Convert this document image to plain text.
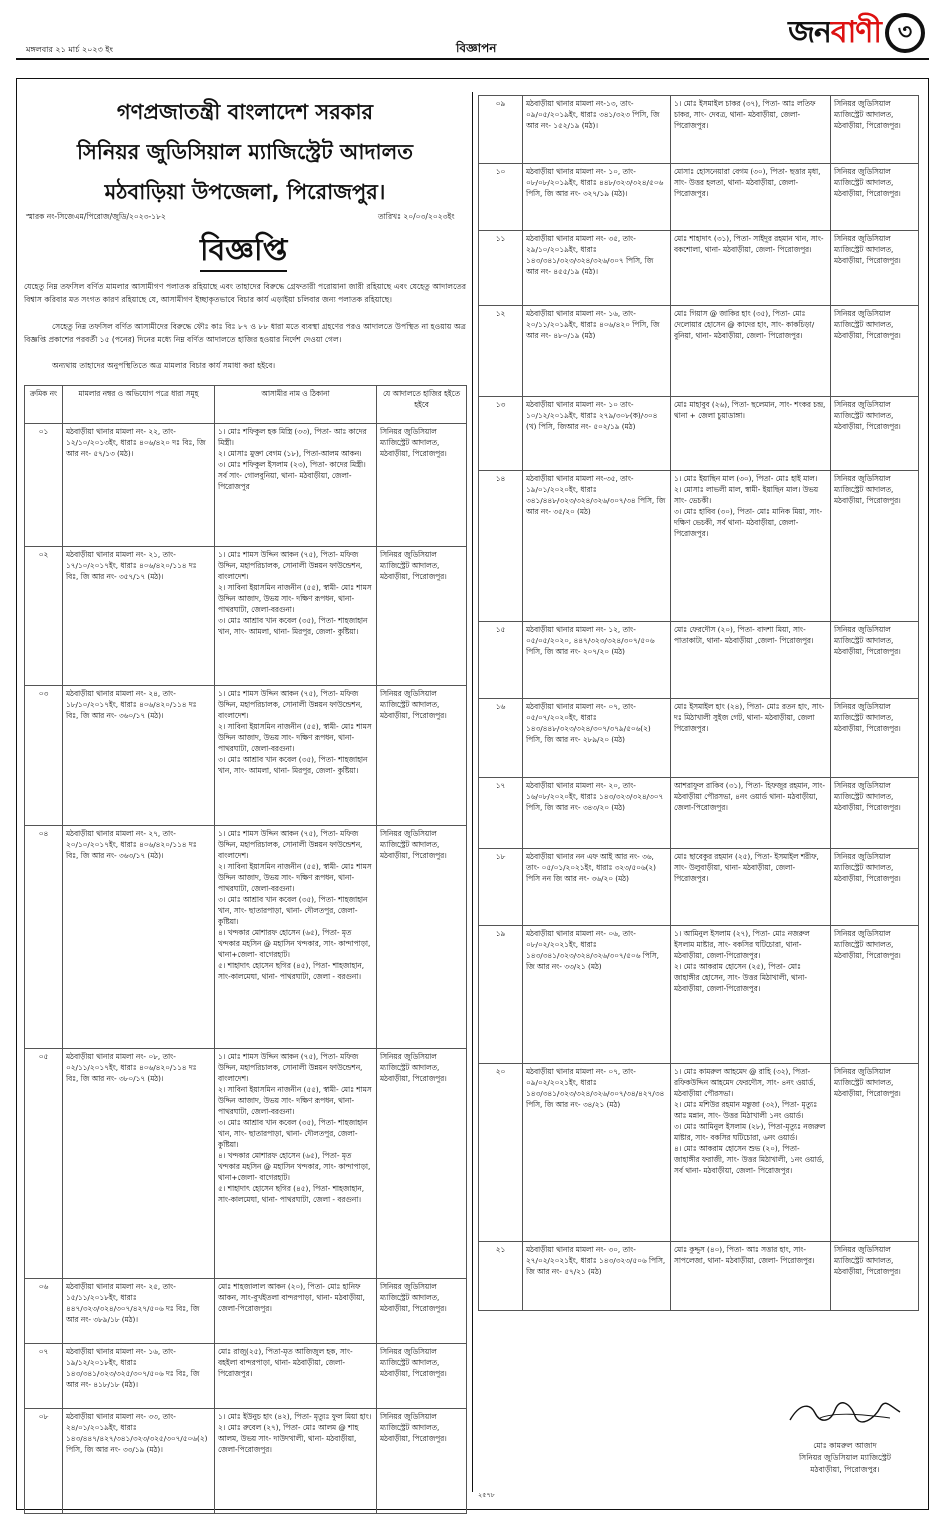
মঙ্গলবার ২১ মার্চ ২০২৩ ইং	বিজ্ঞাপন	জন বাণী ৩
গণপ্রজাতন্ত্রী বাংলাদেশ সরকার
সিনিয়র জুডিসিয়াল ম্যাজিস্ট্রেট আদালত
মঠবাড়িয়া উপজেলা, পিরোজপুর।
স্মারক নং-সিজেএম/পিরোজ/জুডি/২০২৩-১৮২	তারিখঃ ২০/০৩/২০২৩ইং
বিজ্ঞপ্তি
যেহেতু নিম্ন তফসিল বর্ণিত মামলার আসামীগণ পলাতক রহিয়াছে এবং তাহাদের বিরুদ্ধে গ্রেফতারী পরোয়ানা জারী রহিয়াছে এবং যেহেতু আদালতের বিশ্বাস করিবার মত সংগত কারণ রহিয়াছে যে, আসামীগণ ইচ্ছাকৃতভাবে বিচার কার্য এড়াইয়া চলিবার জন্য পলাতক রহিয়াছে।
সেহেতু নিম্ন তফসিল বর্ণিত আসামীদের বিরুদ্ধে ফৌঃ কাঃ বিঃ ৮৭ ও ৮৮ ধারা মতে ব্যবস্থা গ্রহণের পরও আদালতে উপস্থিত না হওয়ায় অত্র বিজ্ঞপ্তি প্রকাশের পরবর্তী ১৫ (পনের) দিনের মধ্যে নিম্ন বর্ণিত আদালতে হাজির হওয়ার নির্দেশ দেওয়া গেল।
অন্যথায় তাহাদের অনুপস্থিতিতে অত্র মামলার বিচার কার্য সমাধা করা হইবে।
ক্রমিক নং	মামলার নম্বর ও অভিযোগ পত্রে ধারা সমূহ	আসামীর নাম ও ঠিকানা	যে আদালতে হাজির হইতে হইবে
০১	মঠবাড়ীয়া থানার মামলা নং- ২২, তাং- ১২/১০/২০১৩ইং, ধারাঃ ৪০৬/৪২০ দঃ বিঃ, জি আর নং- ৫৭/১৩ (মঠ)।	১। মোঃ শফিকুল হক মিস্ত্রি (৩৩), পিতা- আঃ কাদের মিস্ত্রী।
২। মোসাঃ মুক্তা বেগম (১৮), পিতা-আলম আকন।
৩। মোঃ শফিকুল ইসলাম (২৩), পিতা- কাদের মিস্ত্রী।
সর্ব সাং- গোলবুনিয়া, থানা- মঠবাড়ীয়া, জেলা- পিরোজপুর	সিনিয়র জুডিসিয়াল ম্যাজিস্ট্রেট আদালত, মঠবাড়ীয়া, পিরোজপুর।
০২	মঠবাড়ীয়া থানার মামলা নং- ২১, তাং- ১৭/১০/২০১৭ইং, ধারাঃ ৪০৬/৪২০/১১৪ দঃ বিঃ, জি আর নং- ৩৫৭/১৭ (মঠ)।	১। মোঃ শামস উদ্দিন আকন (৭৫), পিতা- মফিজ উদ্দিন, মহাপরিচালক, সোনালী উন্নয়ন ফাউন্ডেশন, বাংলাদেশ।
২। সাবিনা ইয়াসমিন নাজনীন (৫৫), স্বামী- মোঃ শামস উদ্দিন আজাদ, উভয় সাং- দক্ষিণ রূপধন, থানা- পাথরঘাটা, জেলা-বরগুনা।
৩। মোঃ আশ্রাব খান কবেল (৩৫), পিতা- শাহজাহান খান, সাং- আমলা, থানা- মিরপুর, জেলা- কুষ্টিয়া।	সিনিয়র জুডিসিয়াল ম্যাজিস্ট্রেট আদালত, মঠবাড়ীয়া, পিরোজপুর।
০৩	মঠবাড়ীয়া থানার মামলা নং- ২৪, তাং- ১৮/১০/২০১৭ইং, ধারাঃ ৪০৬/৪২০/১১৪ দঃ বিঃ, জি আর নং- ৩৬০/১৭ (মঠ)।	১। মোঃ শামস উদ্দিন আকন (৭৫), পিতা- মফিজ উদ্দিন, মহাপরিচালক, সোনালী উন্নয়ন ফাউন্ডেশন, বাংলাদেশ।
২। সাবিনা ইয়াসমিন নাজনীন (৫৫), স্বামী- মোঃ শামস উদ্দিন আজাদ, উভয় সাং- দক্ষিণ রূপধন, থানা- পাথরঘাটা, জেলা-বরগুনা।
৩। মোঃ আশ্রাব খান কবেল (৩৫), পিতা- শাহজাহান খান, সাং- আমলা, থানা- মিরপুর, জেলা- কুষ্টিয়া।	সিনিয়র জুডিসিয়াল ম্যাজিস্ট্রেট আদালত, মঠবাড়ীয়া, পিরোজপুর।
০৪	মঠবাড়ীয়া থানার মামলা নং- ২৭, তাং- ২০/১০/২০১৭ইং, ধারাঃ ৪০৬/৪২০/১১৪ দঃ বিঃ, জি আর নং- ৩৬৩/১৭ (মঠ)।	১। মোঃ শামস উদ্দিন আকন (৭৫), পিতা- মফিজ উদ্দিন, মহাপরিচালক, সোনালী উন্নয়ন ফাউন্ডেশন, বাংলাদেশ।
২। সাবিনা ইয়াসমিন নাজনীন (৫৫), স্বামী- মোঃ শামস উদ্দিন আজাদ, উভয় সাং- দক্ষিণ রূপধন, থানা- পাথরঘাটা, জেলা-বরগুনা।
৩। মোঃ আশ্রাব খান কবেল (৩৫), পিতা- শাহজাহান খান, সাং- ছাতারপাড়া, থানা- দৌলতপুর, জেলা- কুষ্টিয়া।
৪। খন্দকার মোশারফ হোসেন (৬৫), পিতা- মৃত খন্দকার মহসিন @ মহাসিন খন্দকার, সাং- কান্দাপাড়া, থানা+জেলা- বাগেরহাট।
৫। শাহাদাৎ হোসেন ছগির (৪৫), পিতা- শাহজাহান, সাং-কালমেঘা, থানা- পাথরঘাটা, জেলা - বরগুনা।	সিনিয়র জুডিসিয়াল ম্যাজিস্ট্রেট আদালত, মঠবাড়ীয়া, পিরোজপুর।
০৫	মঠবাড়ীয়া থানার মামলা নং- ০৮, তাং- ০২/১১/২০১৭ইং, ধারাঃ ৪০৬/৪২০/১১৪ দঃ বিঃ, জি আর নং- ৩৮০/১৭ (মঠ)।	১। মোঃ শামস উদ্দিন আকন (৭৫), পিতা- মফিজ উদ্দিন, মহাপরিচালক, সোনালী উন্নয়ন ফাউন্ডেশন, বাংলাদেশ।
২। সাবিনা ইয়াসমিন নাজনীন (৫৫), স্বামী- মোঃ শামস উদ্দিন আজাদ, উভয় সাং- দক্ষিণ রূপধন, থানা- পাথরঘাটা, জেলা-বরগুনা।
৩। মোঃ আশ্রাব খান কবেল (৩৫), পিতা- শাহজাহান খান, সাং- ছাতারপাড়া, থানা- দৌলতপুর, জেলা- কুষ্টিয়া।
৪। খন্দকার মোশারফ হোসেন (৬৫), পিতা- মৃত খন্দকার মহসিন @ মহাসিন খন্দকার, সাং- কান্দাপাড়া, থানা+জেলা- বাগেরহাট।
৫। শাহাদাৎ হোসেন ছগির (৪৫), পিতা- শাহজাহান, সাং-কালমেঘা, থানা- পাথরঘাটা, জেলা - বরগুনা।	সিনিয়র জুডিসিয়াল ম্যাজিস্ট্রেট আদালত, মঠবাড়ীয়া, পিরোজপুর।
০৬	মঠবাড়ীয়া থানার মামলা নং- ২৫, তাং- ১৫/১১/২০১৮ইং, ধারাঃ ৪৪৭/৩২৩/৩২৪/৩০৭/৪২৭/৫০৬ দঃ বিঃ, জি আর নং- ৩৮৯/১৮ (মঠ)।	মোঃ শাহজালাল আকন (২০), পিতা- মোঃ হানিফ আকন, সাং-বুখইতলা বান্দরপাড়া, থানা- মঠবাড়ীয়া, জেলা-পিরোজপুর।	সিনিয়র জুডিসিয়াল ম্যাজিস্ট্রেট আদালত, মঠবাড়ীয়া, পিরোজপুর।
০৭	মঠবাড়ীয়া থানার মামলা নং- ১৬, তাং- ১৯/১২/২০১৮ইং, ধারাঃ ১৪৩/৩৪১/৩২৩/৩২৫/৩০৭/৫০৬ দঃ বিঃ, জি আর নং- ৪১৮/১৮ (মঠ)।	মোঃ রাজু(২৫), পিতা-মৃত আজিজুল হক, সাং- বহইলা বান্দরপাড়া, থানা- মঠবাড়ীয়া, জেলা- পিরোজপুর।	সিনিয়র জুডিসিয়াল ম্যাজিস্ট্রেট আদালত, মঠবাড়ীয়া, পিরোজপুর।
০৮	মঠবাড়ীয়া থানার মামলা নং- ৩৩, তাং- ২৪/০১/২০১৯ইং, ধারাঃ ১৪৩/৪৪৭/৪২৭/৩৪১/৩২৩/৩২৫/৩০৭/৫০৬(২) পিসি, জি আর নং- ৩৩/১৯ (মঠ)।	১। মোঃ ইউনুচ হাং (৪২), পিতা- মৃত্যুঃ ফুল মিয়া হাং।
২। মোঃ রুবেল (২৭), পিতা- মোঃ আলম @ শাহ আলম, উভয় সাং- দাউদখালী, থানা- মঠবাড়ীয়া, জেলা-পিরোজপুর।	সিনিয়র জুডিসিয়াল ম্যাজিস্ট্রেট আদালত, মঠবাড়ীয়া, পিরোজপুর।
০৯	মঠবাড়ীয়া থানার মামলা নং-১৩, তাং- ০৯/০৫/২০১৯ইং, ধারাঃ ৩৪১/৩২৩ পিসি, জি আর নং- ১৫২/১৯ (মঠ)।	১। মোঃ ইসমাইল চাকর (৩৭), পিতা- আঃ লতিফ চাকর, সাং- দেবত্র, থানা- মঠবাড়ীয়া, জেলা- পিরোজপুর।	সিনিয়র জুডিসিয়াল ম্যাজিস্ট্রেট আদালত, মঠবাড়ীয়া, পিরোজপুর।
১০	মঠবাড়ীয়া থানার মামলা নং- ১০, তাং- ০৮/০৮/২০১৯ইং, ধারাঃ ৪৪৮/৩২৩/৩২৪/৫০৬ পিসি, জি আর নং- ৩২৭/১৯ (মঠ)।	মোসাঃ হোসনেয়ারা বেগম (৩০), পিতা- ছত্তার মৃধা, সাং- উত্তর হলতা, থানা- মঠবাড়ীয়া, জেলা- পিরোজপুর।	সিনিয়র জুডিসিয়াল ম্যাজিস্ট্রেট আদালত, মঠবাড়ীয়া, পিরোজপুর।
১১	মঠবাড়ীয়া থানার মামলা নং- ৩৫, তাং- ২৯/১০/২০১৯ইং, ধারাঃ ১৪৩/৩৪১/৩২৩/৩২৪/৩২৬/৩০৭ পিসি, জি আর নং- ৪৫৫/১৯ (মঠ)।	মোঃ শাহাদাৎ (৩১), পিতা- সাইদুর রহমান খান, সাং-বকশোলা, থানা- মঠবাড়ীয়া, জেলা- পিরোজপুর।	সিনিয়র জুডিসিয়াল ম্যাজিস্ট্রেট আদালত, মঠবাড়ীয়া, পিরোজপুর।
১২	মঠবাড়ীয়া থানার মামলা নং- ১৬, তাং- ২০/১১/২০১৯ইং, ধারাঃ ৪০৬/৪২০ পিসি, জি আর নং- ৪৮০/১৯ (মঠ)	মোঃ গিয়াস @ জাকির হাং (৩৫), পিতা- মোঃ দেলোয়ার হোসেন @ কাদের হাং, সাং- কাকচিড়া/বুনিয়া, থানা- মঠবাড়ীয়া, জেলা- পিরোজপুর।	সিনিয়র জুডিসিয়াল ম্যাজিস্ট্রেট আদালত, মঠবাড়ীয়া, পিরোজপুর।
১৩	মঠবাড়ীয়া থানার মামলা নং- ১০ তাং- ১০/১২/২০১৯ইং, ধারাঃ ২৭৯/৩০৮(ক)/৩০৪ (খ) পিসি, জিআর নং- ৫০২/১৯ (মঠ)	মোঃ মাহাবুব (২৬), পিতা- ছলেমান, সাং- শংকর চন্দ্র, থানা + জেলা চুয়াডাঙ্গা।	সিনিয়র জুডিসিয়াল ম্যাজিস্ট্রেট আদালত, মঠবাড়ীয়া, পিরোজপুর।
১৪	মঠবাড়ীয়া থানার মামলা নং-৩৫, তাং- ১৯/০১/২০২০ইং, ধারাঃ ৩৪১/৪৪৮/৩২৩/৩২৪/৩২৬/৩০৭/৩৪ পিসি, জি আর নং- ৩৫/২০ (মঠ)	১। মোঃ ইয়াছিন মাল (৩০), পিতা- মোঃ হাই মাল।
২। মোসাঃ লাভলী মাল, স্বামী- ইয়াছিন মাল। উভয় সাং- ভেচকী।
৩। মোঃ হাবিব (৩০), পিতা- মোঃ মানিক মিয়া, সাং- দক্ষিণ ভেচকী, সর্ব থানা- মঠবাড়ীয়া, জেলা- পিরোজপুর।	সিনিয়র জুডিসিয়াল ম্যাজিস্ট্রেট আদালত, মঠবাড়ীয়া, পিরোজপুর।
১৫	মঠবাড়ীয়া থানার মামলা নং- ১২, তাং- ০৫/০৫/২০২০, ৪৪৭/৩২৩/৩২৪/৩০৭/৫০৬ পিসি, জি আর নং- ২০৭/২০ (মঠ)	মোঃ ফেরদৌস (২০), পিতা- বাদশা মিয়া, সাং-পাতাকাটা, থানা- মঠবাড়ীয়া ,জেলা- পিরোজপুর।	সিনিয়র জুডিসিয়াল ম্যাজিস্ট্রেট আদালত, মঠবাড়ীয়া, পিরোজপুর।
১৬	মঠবাড়ীয়া থানার মামলা নং- ০৭, তাং- ০৫/০৭/২০২০ইং, ধারাঃ ১৪৩/৪৪৮/৩২৩/৩২৪/৩০৭/৩৭৯/৫০৬(২) পিসি, জি আর নং- ২৮৯/২০ (মঠ)	মোঃ ইসমাইল হাং (২৪), পিতা- মোঃ রতন হাং, সাং- দঃ মিঠাখালী সুইজ গেট, থানা- মঠবাড়ীয়া, জেলা পিরোজপুর।	সিনিয়র জুডিসিয়াল ম্যাজিস্ট্রেট আদালত, মঠবাড়ীয়া, পিরোজপুর।
১৭	মঠবাড়ীয়া থানার মামলা নং- ২০, তাং- ১৬/০৮/২০২০ইং, ধারাঃ ১৪৩/৩২৩/৩২৪/৩০৭ পিসি, জি আর নং- ৩৪৩/২০ (মঠ)	আশরাফুল রাকিব (৩১), পিতা- হিফজুর রহমান, সাং- মঠবাড়ীয়া পৌরসভা, ৪নং ওয়ার্ড থানা- মঠবাড়ীয়া, জেলা-পিরোজপুর।	সিনিয়র জুডিসিয়াল ম্যাজিস্ট্রেট আদালত, মঠবাড়ীয়া, পিরোজপুর।
১৮	মঠবাড়ীয়া থানার নন এফ আই আর নং- ৩৬, তাং- ০৫/০১/২০২১ইং, ধারাঃ ৩২৩/৫০৬(২) পিসি নন জি আর নং- ৩৬/২০ (মঠ)	মোঃ ছাবেকুর রহমান (২৫), পিতা- ইসমাইল শরীফ, সাং- উলুবাড়ীয়া, থানা- মঠবাড়ীয়া, জেলা- পিরোজপুর।	সিনিয়র জুডিসিয়াল ম্যাজিস্ট্রেট আদালত, মঠবাড়ীয়া, পিরোজপুর।
১৯	মঠবাড়ীয়া থানার মামলা নং- ০৬, তাং- ০৮/০২/২০২১ইং, ধারাঃ ১৪৩/৩৪১/৩২৩/৩২৪/৩২৬/৩০৭/৫০৬ পিসি, জি আর নং- ৩৩/২১ (মঠ)	১। আমিনুল ইসলাম (২৭), পিতা- মোঃ নজরুল ইসলাম মাষ্টার, সাং- বকসির ঘটিচোরা, থানা-মঠবাড়ীয়া, জেলা-পিরোজপুর।
২। মোঃ আকরাম হোসেন (২৫), পিতা- মোঃ জাহাঙ্গীর হোসেন, সাং- উত্তর মিঠাখালী, থানা- মঠবাড়ীয়া, জেলা-পিরোজপুর।	সিনিয়র জুডিসিয়াল ম্যাজিস্ট্রেট আদালত, মঠবাড়ীয়া, পিরোজপুর।
২০	মঠবাড়ীয়া থানার মামলা নং- ০৭, তাং- ০৯/০২/২০২১ইং, ধারাঃ ১৪৩/৩৪১/৩২৩/৩২৪/৩২৬/৩০৭/৩৪/৪২৭/৩৪ পিসি, জি আর নং- ৩৪/২১ (মঠ)	১। মোঃ কামরুল আহমেদ @ রাহি (৩২), পিতা- রফিকউদ্দিন আহমেদ ফেরদৌস, সাং- ৪নং ওয়ার্ড, মঠবাড়ীয়া পৌরসভা।
২। মোঃ মশিউর রহমান মন্তুজা (৩২), পিতা- মৃত্যুঃ আঃ মন্নান, সাং- উত্তর মিঠাখালী ১নং ওয়ার্ড।
৩। মোঃ আমিনুল ইসলাম (২৮), পিতা-মৃত্যুঃ নজরুল মাষ্টার, সাং- বকসির ঘটিচোরা, ৬নং ওয়ার্ড।
৪। মোঃ আকরাম হোসেন শুভ (২০), পিতা- জাহাঙ্গীর ফরাজী, সাং- উত্তর মিঠাখালী, ১নং ওয়ার্ড, সর্ব থানা- মঠবাড়ীয়া, জেলা- পিরোজপুর।	সিনিয়র জুডিসিয়াল ম্যাজিস্ট্রেট আদালত, মঠবাড়ীয়া, পিরোজপুর।
২১	মঠবাড়ীয়া থানার মামলা নং- ৩০, তাং- ২৭/০২/২০২১ইং, ধারাঃ ১৪৩/৩২৩/৫০৬ পিসি, জি আর নং- ৫৭/২১ (মঠ)	মোঃ কুদ্দুস (৪০), পিতা- আঃ সত্তার হাং, সাং- সাপলেজা, থানা- মঠবাড়ীয়া, জেলা- পিরোজপুর।	সিনিয়র জুডিসিয়াল ম্যাজিস্ট্রেট আদালত, মঠবাড়ীয়া, পিরোজপুর।
মোঃ কামরুল আজাদ
সিনিয়র জুডিসিয়াল ম্যাজিস্ট্রেট
মঠবাড়ীয়া, পিরোজপুর।
২৫৭৮
